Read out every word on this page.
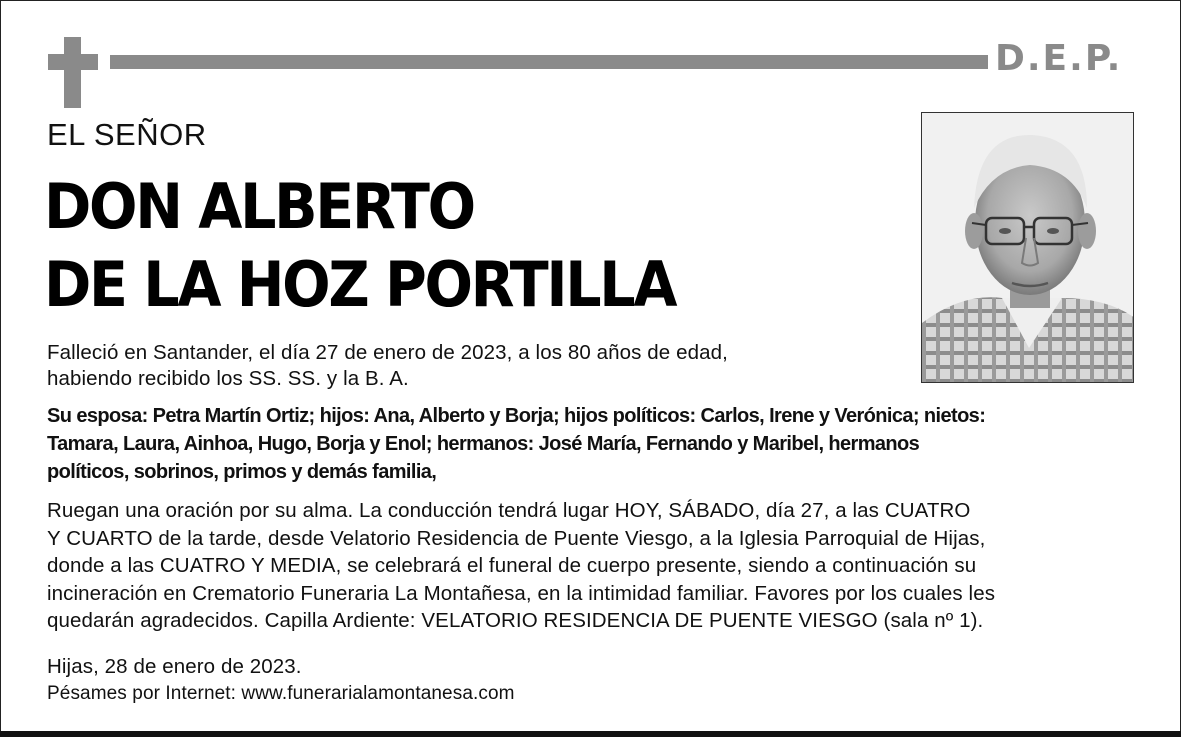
D.E.P.
EL SEÑOR
DON ALBERTO
DE LA HOZ PORTILLA
Falleció en Santander, el día 27 de enero de 2023, a los 80 años de edad,
habiendo recibido los SS. SS. y la B. A.
Su esposa: Petra Martín Ortiz; hijos: Ana, Alberto y Borja; hijos políticos: Carlos, Irene y Verónica; nietos:
Tamara, Laura, Ainhoa, Hugo, Borja y Enol; hermanos: José María, Fernando y Maribel, hermanos
políticos, sobrinos, primos y demás familia,
Ruegan una oración por su alma. La conducción tendrá lugar HOY, SÁBADO, día 27, a las CUATRO
Y CUARTO de la tarde, desde Velatorio Residencia de Puente Viesgo, a la Iglesia Parroquial de Hijas,
donde a las CUATRO Y MEDIA, se celebrará el funeral de cuerpo presente, siendo a continuación su
incineración en Crematorio Funeraria La Montañesa, en la intimidad familiar. Favores por los cuales les
quedarán agradecidos. Capilla Ardiente: VELATORIO RESIDENCIA DE PUENTE VIESGO (sala nº 1).
Hijas, 28 de enero de 2023.
Pésames por Internet: www.funerarialamontanesa.com
